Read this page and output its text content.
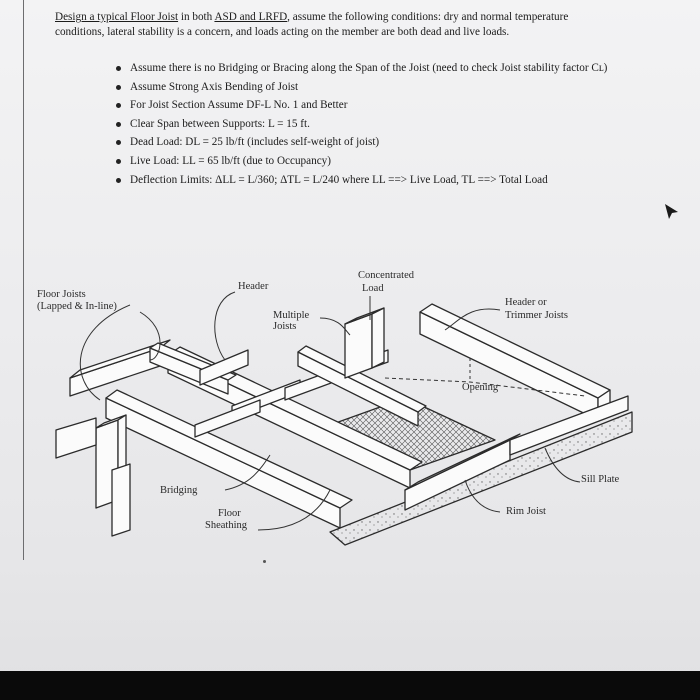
Design a typical Floor Joist in both ASD and LRFD, assume the following conditions: dry and normal temperature conditions, lateral stability is a concern, and loads acting on the member are both dead and live loads.

Assume there is no Bridging or Bracing along the Span of the Joist (need to check Joist stability factor Cʟ)
Assume Strong Axis Bending of Joist
For Joist Section Assume DF-L No. 1 and Better
Clear Span between Supports: L = 15 ft.
Dead Load: DL = 25 lb/ft (includes self-weight of joist)
Live Load: LL = 65 lb/ft (due to Occupancy)
Deflection Limits: ΔLL = L/360; ΔTL = L/240 where LL ==> Live Load, TL ==> Total Load
Floor Joists
(Lapped & In-line)
Header
Concentrated
Load
Multiple
Joists
Header or
Trimmer Joists
Opening
Sill Plate
Bridging
Floor
Sheathing
Rim Joist
